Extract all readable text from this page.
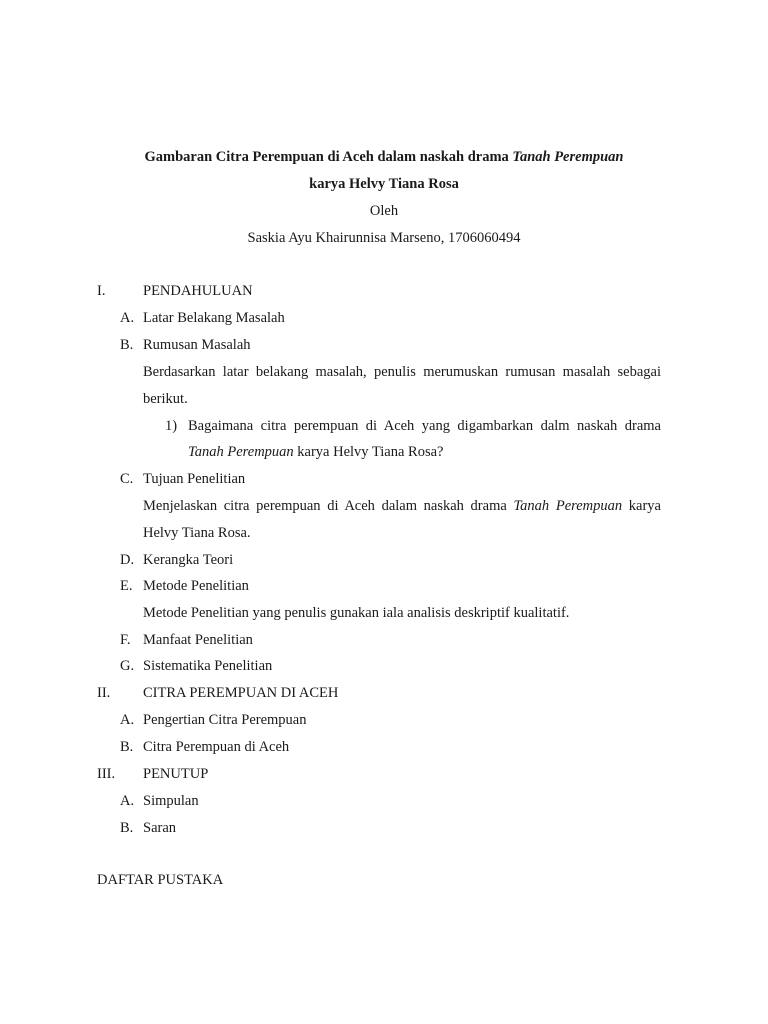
Gambaran Citra Perempuan di Aceh dalam naskah drama Tanah Perempuan
karya Helvy Tiana Rosa
Oleh
Saskia Ayu Khairunnisa Marseno, 1706060494
I.	PENDAHULUAN
A. Latar Belakang Masalah
B. Rumusan Masalah
Berdasarkan latar belakang masalah, penulis merumuskan rumusan masalah sebagai
berikut.
1) Bagaimana citra perempuan di Aceh yang digambarkan dalm naskah drama
Tanah Perempuan karya Helvy Tiana Rosa?
C. Tujuan Penelitian
Menjelaskan citra perempuan di Aceh dalam naskah drama Tanah Perempuan karya
Helvy Tiana Rosa.
D. Kerangka Teori
E. Metode Penelitian
Metode Penelitian yang penulis gunakan iala analisis deskriptif kualitatif.
F. Manfaat Penelitian
G. Sistematika Penelitian
II. CITRA PEREMPUAN DI ACEH
A. Pengertian Citra Perempuan
B. Citra Perempuan di Aceh
III. PENUTUP
A. Simpulan
B. Saran
DAFTAR PUSTAKA
